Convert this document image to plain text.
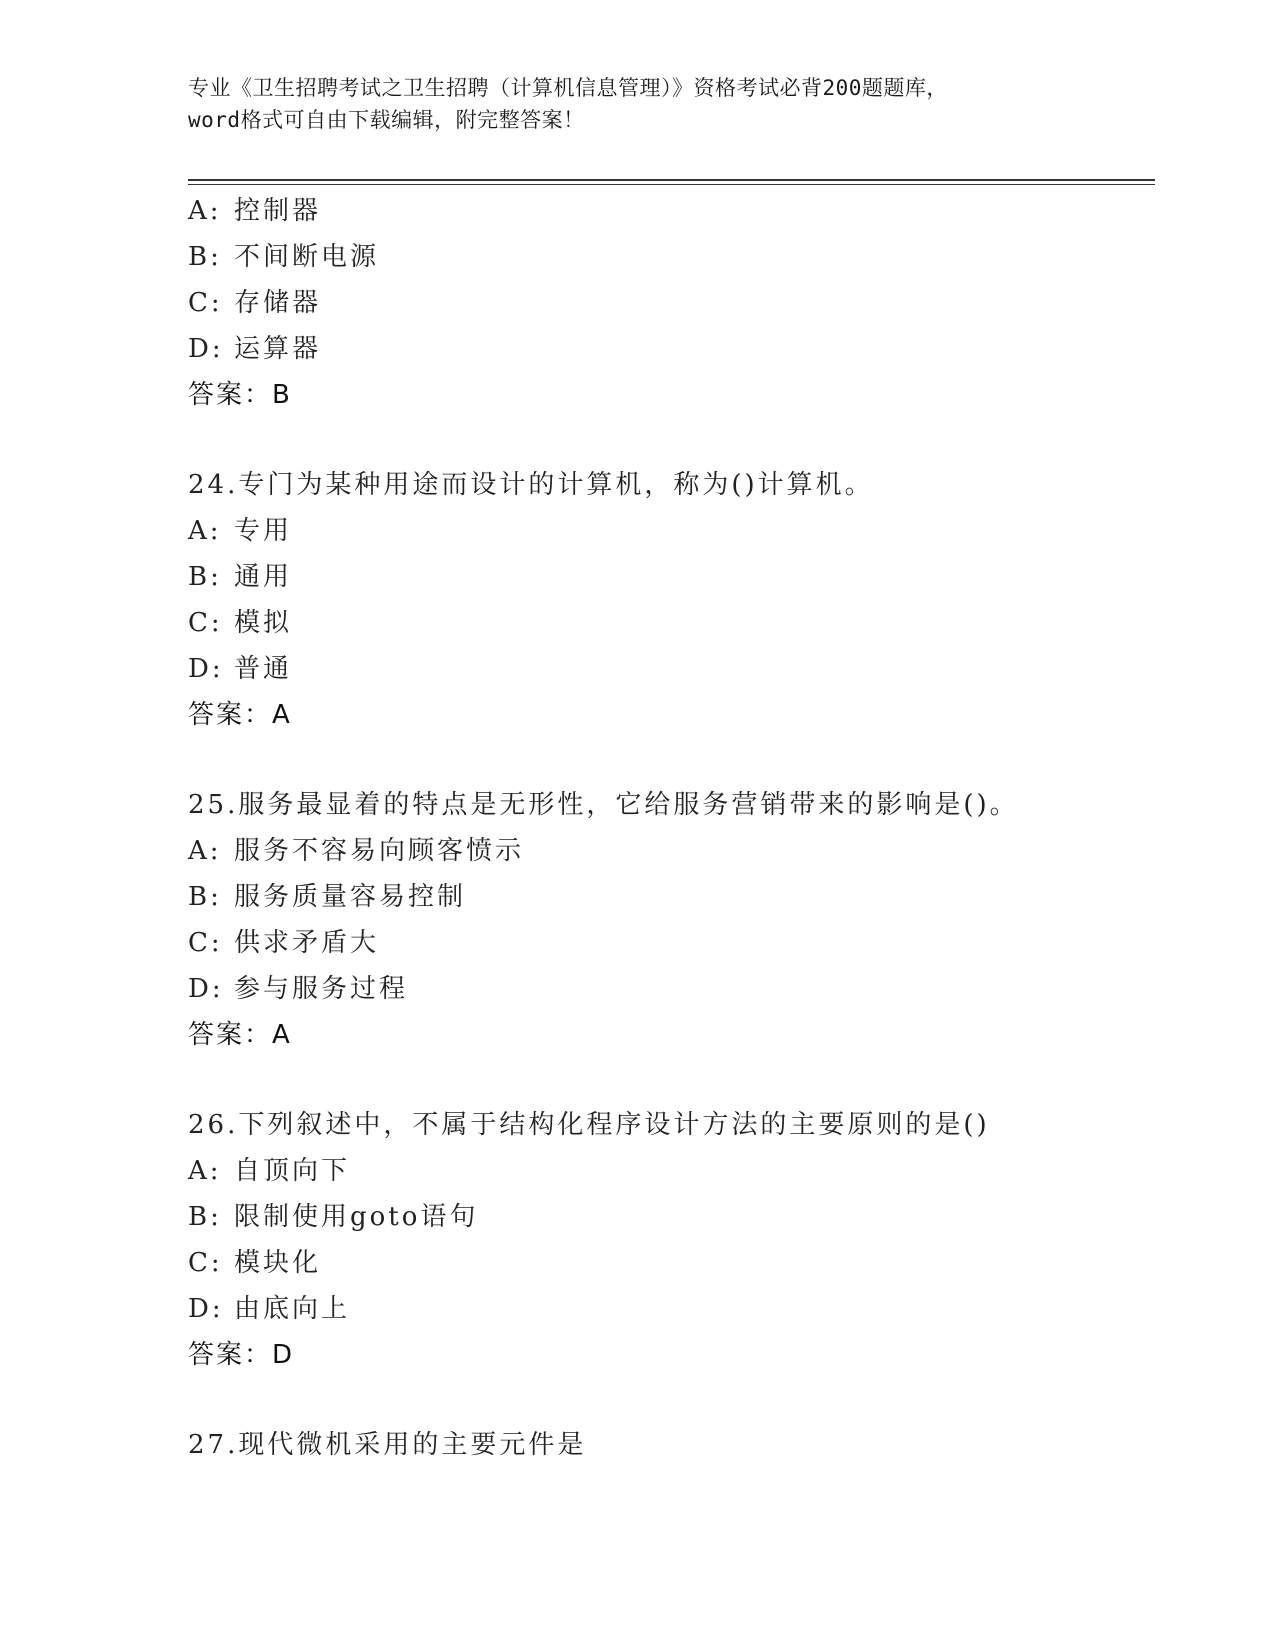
专业《卫生招聘考试之卫生招聘（计算机信息管理）》资格考试必背200题题库，
word格式可自由下载编辑，附完整答案！
A: 控制器
B: 不间断电源
C: 存储器
D: 运算器
答案：B
24.专门为某种用途而设计的计算机，称为()计算机。
A: 专用
B: 通用
C: 模拟
D: 普通
答案：A
25.服务最显着的特点是无形性，它给服务营销带来的影响是()。
A: 服务不容易向顾客愤示
B: 服务质量容易控制
C: 供求矛盾大
D: 参与服务过程
答案：A
26.下列叙述中，不属于结构化程序设计方法的主要原则的是()
A: 自顶向下
B: 限制使用goto语句
C: 模块化
D: 由底向上
答案：D
27.现代微机采用的主要元件是
